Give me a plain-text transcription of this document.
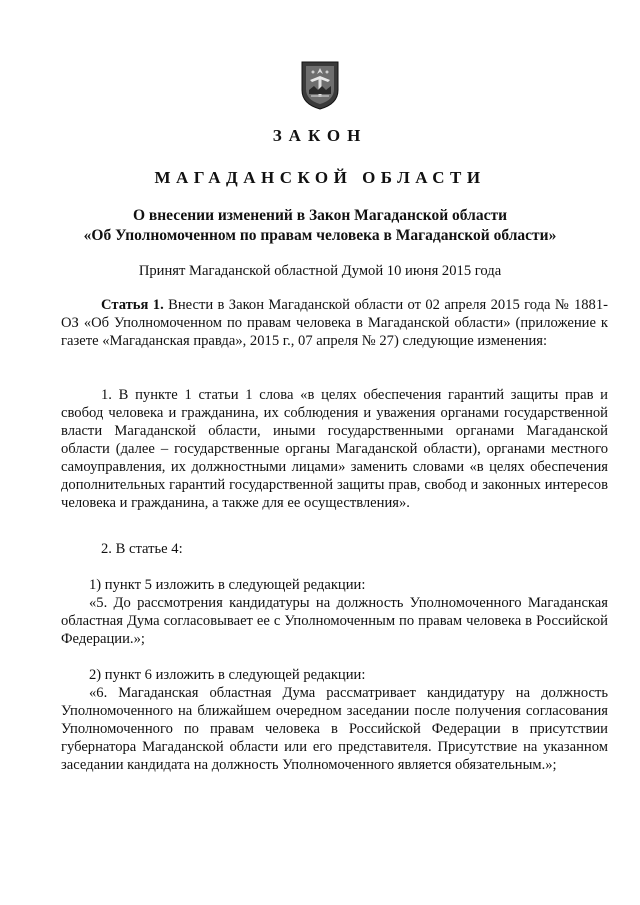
ЗАКОН
МАГАДАНСКОЙ ОБЛАСТИ
О внесении изменений в Закон Магаданской области
«Об Уполномоченном по правам человека в Магаданской области»
Принят Магаданской областной Думой 10 июня 2015 года

Статья 1. Внести в Закон Магаданской области от 02 апреля 2015 года № 1881-ОЗ «Об Уполномоченном по правам человека в Магаданской области» (приложение к газете «Магаданская правда», 2015 г., 07 апреля № 27) следующие изменения:

1. В пункте 1 статьи 1 слова «в целях обеспечения гарантий защиты прав и свобод человека и гражданина, их соблюдения и уважения органами государственной власти Магаданской области, иными государственными органами Магаданской области (далее – государственные органы Магаданской области), органами местного самоуправления, их должностными лицами» заменить словами «в целях обеспечения дополнительных гарантий государственной защиты прав, свобод и законных интересов человека и гражданина, а также для ее осуществления».

2. В статье 4:

1) пункт 5 изложить в следующей редакции:

«5. До рассмотрения кандидатуры на должность Уполномоченного Магаданская областная Дума согласовывает ее с Уполномоченным по правам человека в Российской Федерации.»;

2) пункт 6 изложить в следующей редакции:

«6. Магаданская областная Дума рассматривает кандидатуру на должность Уполномоченного на ближайшем очередном заседании после получения согласования Уполномоченного по правам человека в Российской Федерации в присутствии губернатора Магаданской области или его представителя. Присутствие на указанном заседании кандидата на должность Уполномоченного является обязательным.»;
